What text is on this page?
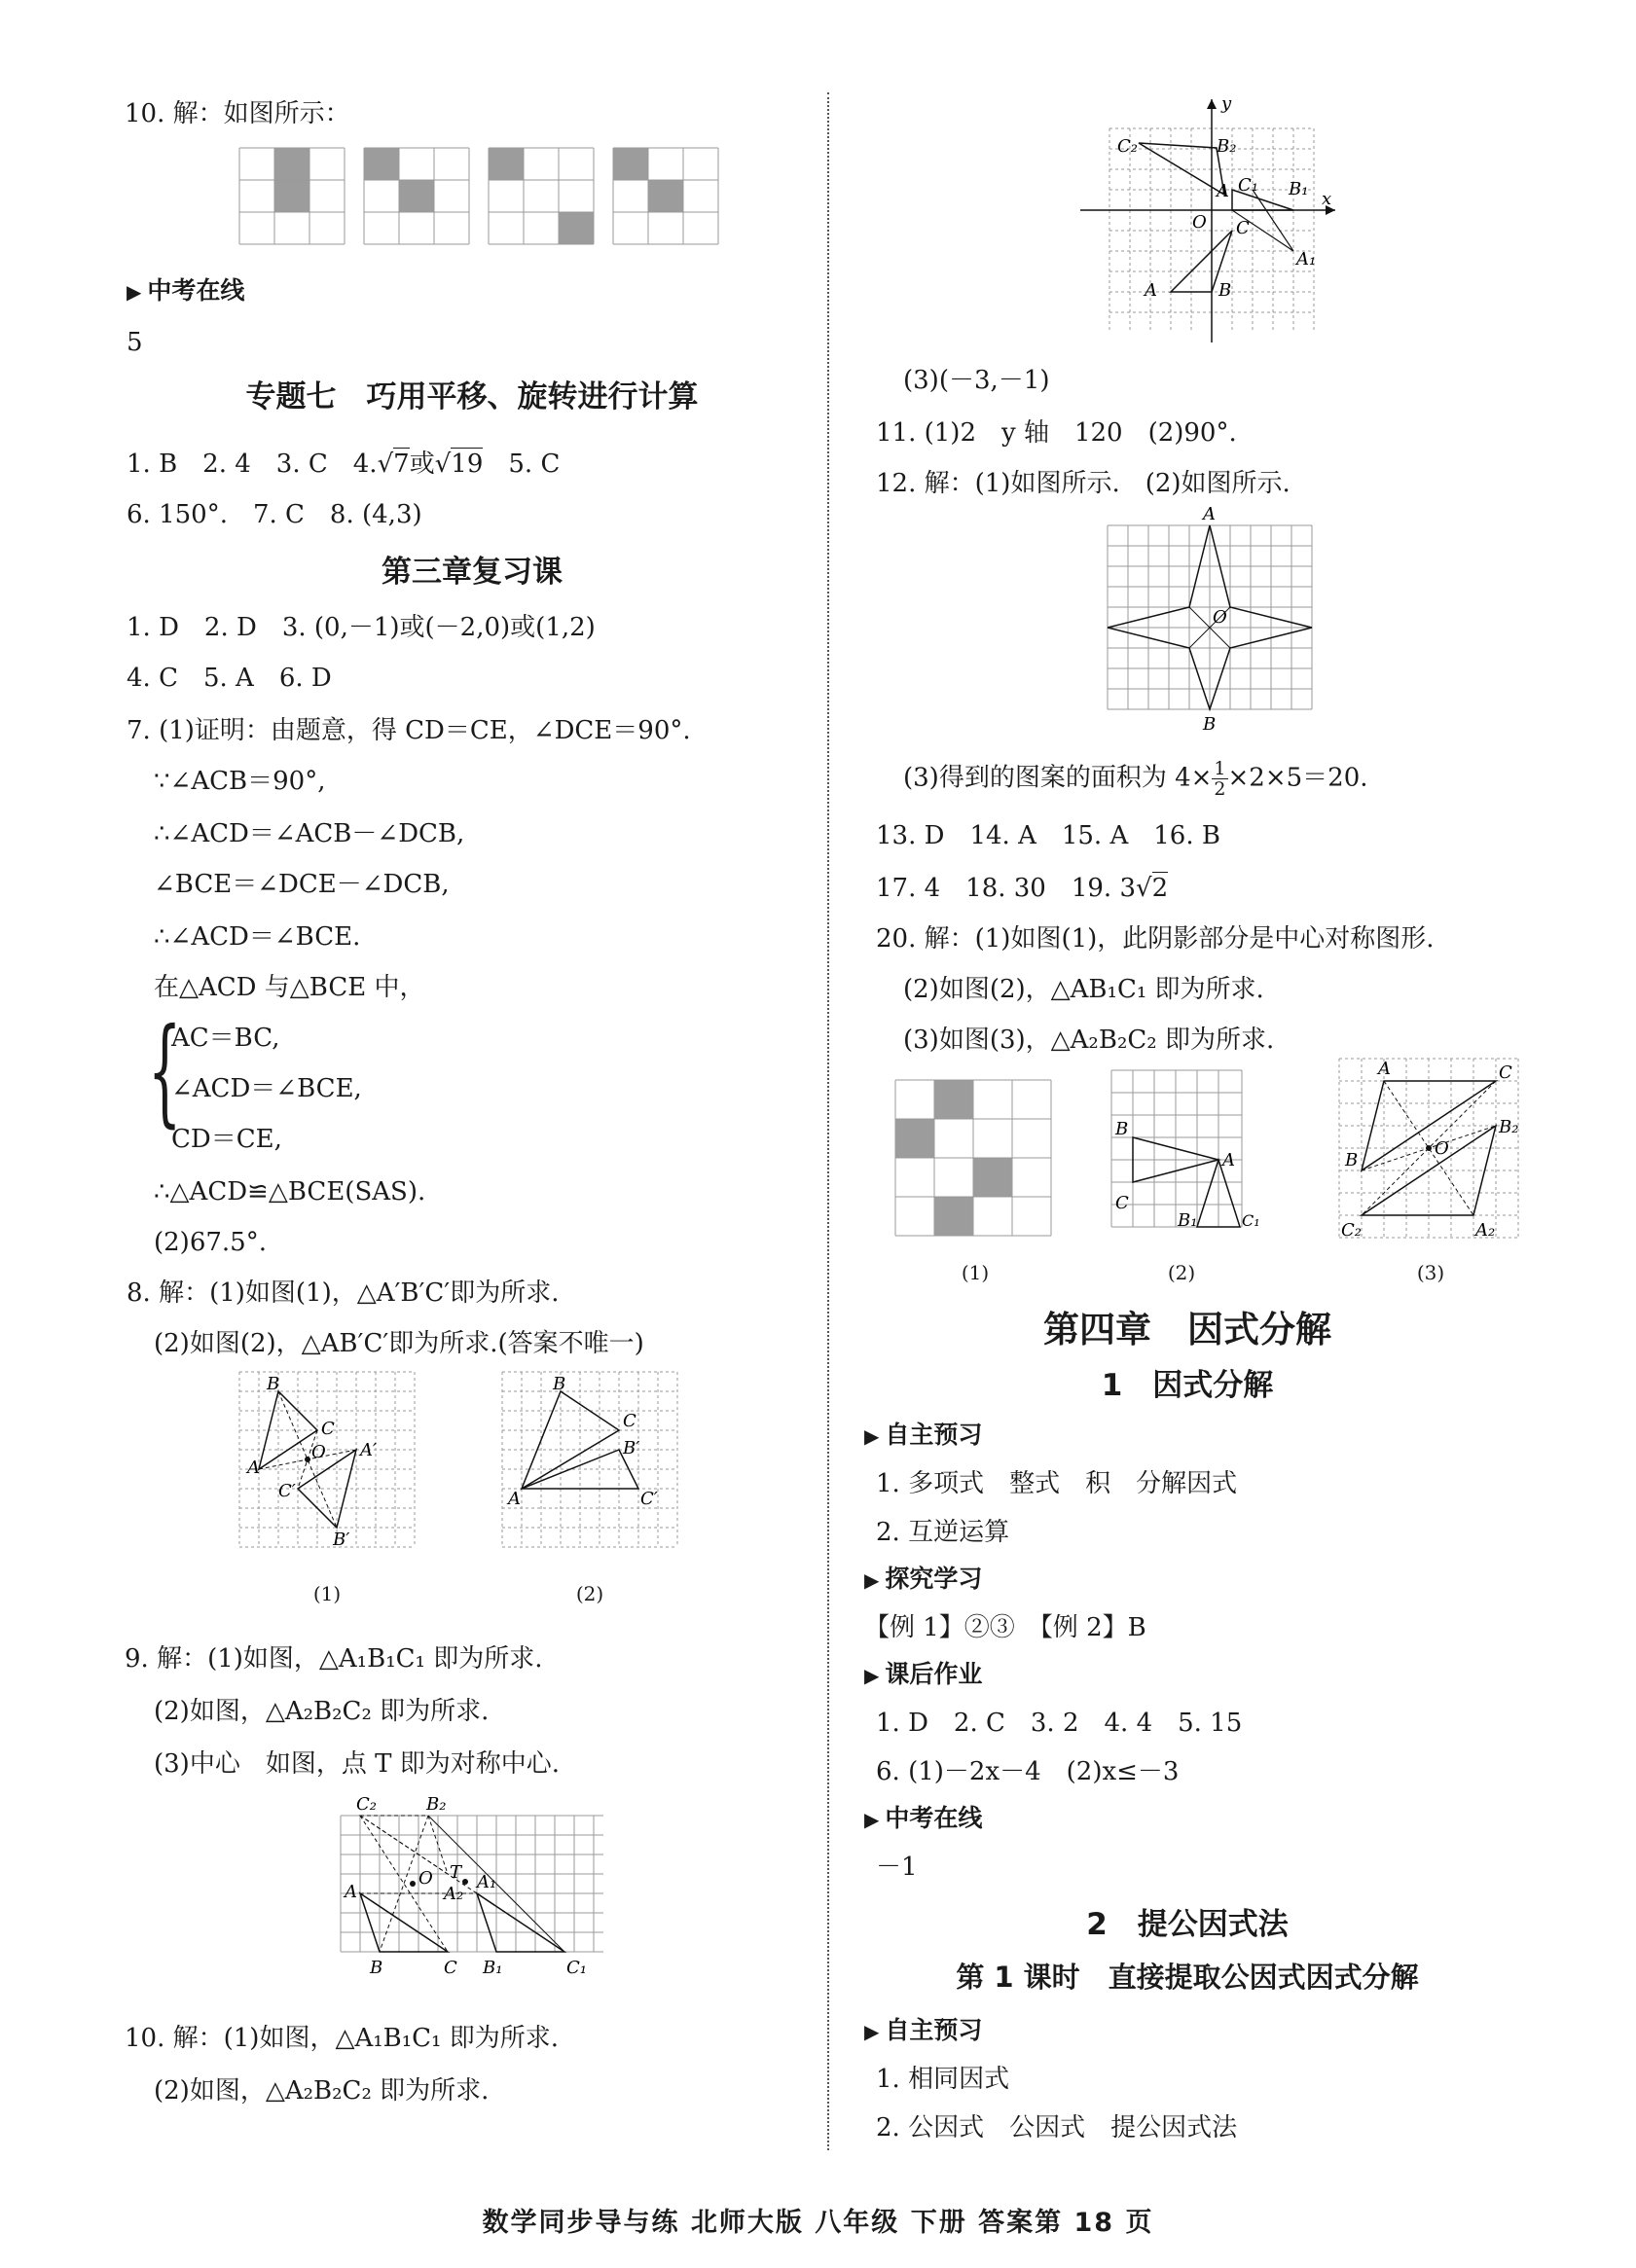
10. 解：如图所示：
▶ 中考在线
5
专题七　巧用平移、旋转进行计算
1. B　2. 4　3. C　4.√7或√19　5. C
6. 150°.　7. C　8. (4,3)
第三章复习课
1. D　2. D　3. (0,－1)或(－2,0)或(1,2)
4. C　5. A　6. D
7. (1)证明：由题意，得 CD＝CE，∠DCE＝90°.
∵∠ACB＝90°,
∴∠ACD＝∠ACB－∠DCB,
∠BCE＝∠DCE－∠DCB,
∴∠ACD＝∠BCE.
在△ACD 与△BCE 中，
{
AC＝BC,
∠ACD＝∠BCE,
CD＝CE,
∴△ACD≌△BCE(SAS).
(2)67.5°.
8. 解：(1)如图(1)，△A′B′C′即为所求.
(2)如图(2)，△AB′C′即为所求.(答案不唯一)
B
C
A
O A′
C′
B′
B
C
B′
A	C′
(1)	(2)
9. 解：(1)如图，△A₁B₁C₁ 即为所求.
(2)如图，△A₂B₂C₂ 即为所求.
(3)中心　如图，点 T 即为对称中心.
C₂	B₂
A
O T A₁
A₂
B	C B₁	C₁
10. 解：(1)如图，△A₁B₁C₁ 即为所求.
(2)如图，△A₂B₂C₂ 即为所求.
y
x
O
A	B
C
C₂	B₂
A C₁ B₁
A₁
(3)(－3,－1)
11. (1)2　y 轴　120　(2)90°.
12. 解：(1)如图所示.　(2)如图所示.
A
O
B
(3)得到的图案的面积为 $4\times \frac{1}{2} \times 2\times 5=20$.
13. D　14. A　15. A　16. B
17. 4　18. 30　19. 3√2
20. 解：(1)如图(1)，此阴影部分是中心对称图形.
(2)如图(2)，△AB₁C₁ 即为所求.
(3)如图(3)，△A₂B₂C₂ 即为所求.
B
A
C
B₁	C₁
A	C
B
O
B₂
C₂	A₂
(1)	(2)	(3)
第四章　因式分解
1　因式分解
▶ 自主预习
1. 多项式　整式　积　分解因式
2. 互逆运算
▶ 探究学习
【例 1】②③　【例 2】B
▶ 课后作业
1. D　2. C　3. 2　4. 4　5. 15
6. (1)－2x－4　(2)x≤－3
▶ 中考在线
－1
2　提公因式法
第 1 课时　直接提取公因式因式分解
▶ 自主预习
1. 相同因式
2. 公因式　公因式　提公因式法
数学同步导与练 北师大版 八年级 下册 答案第 18 页
